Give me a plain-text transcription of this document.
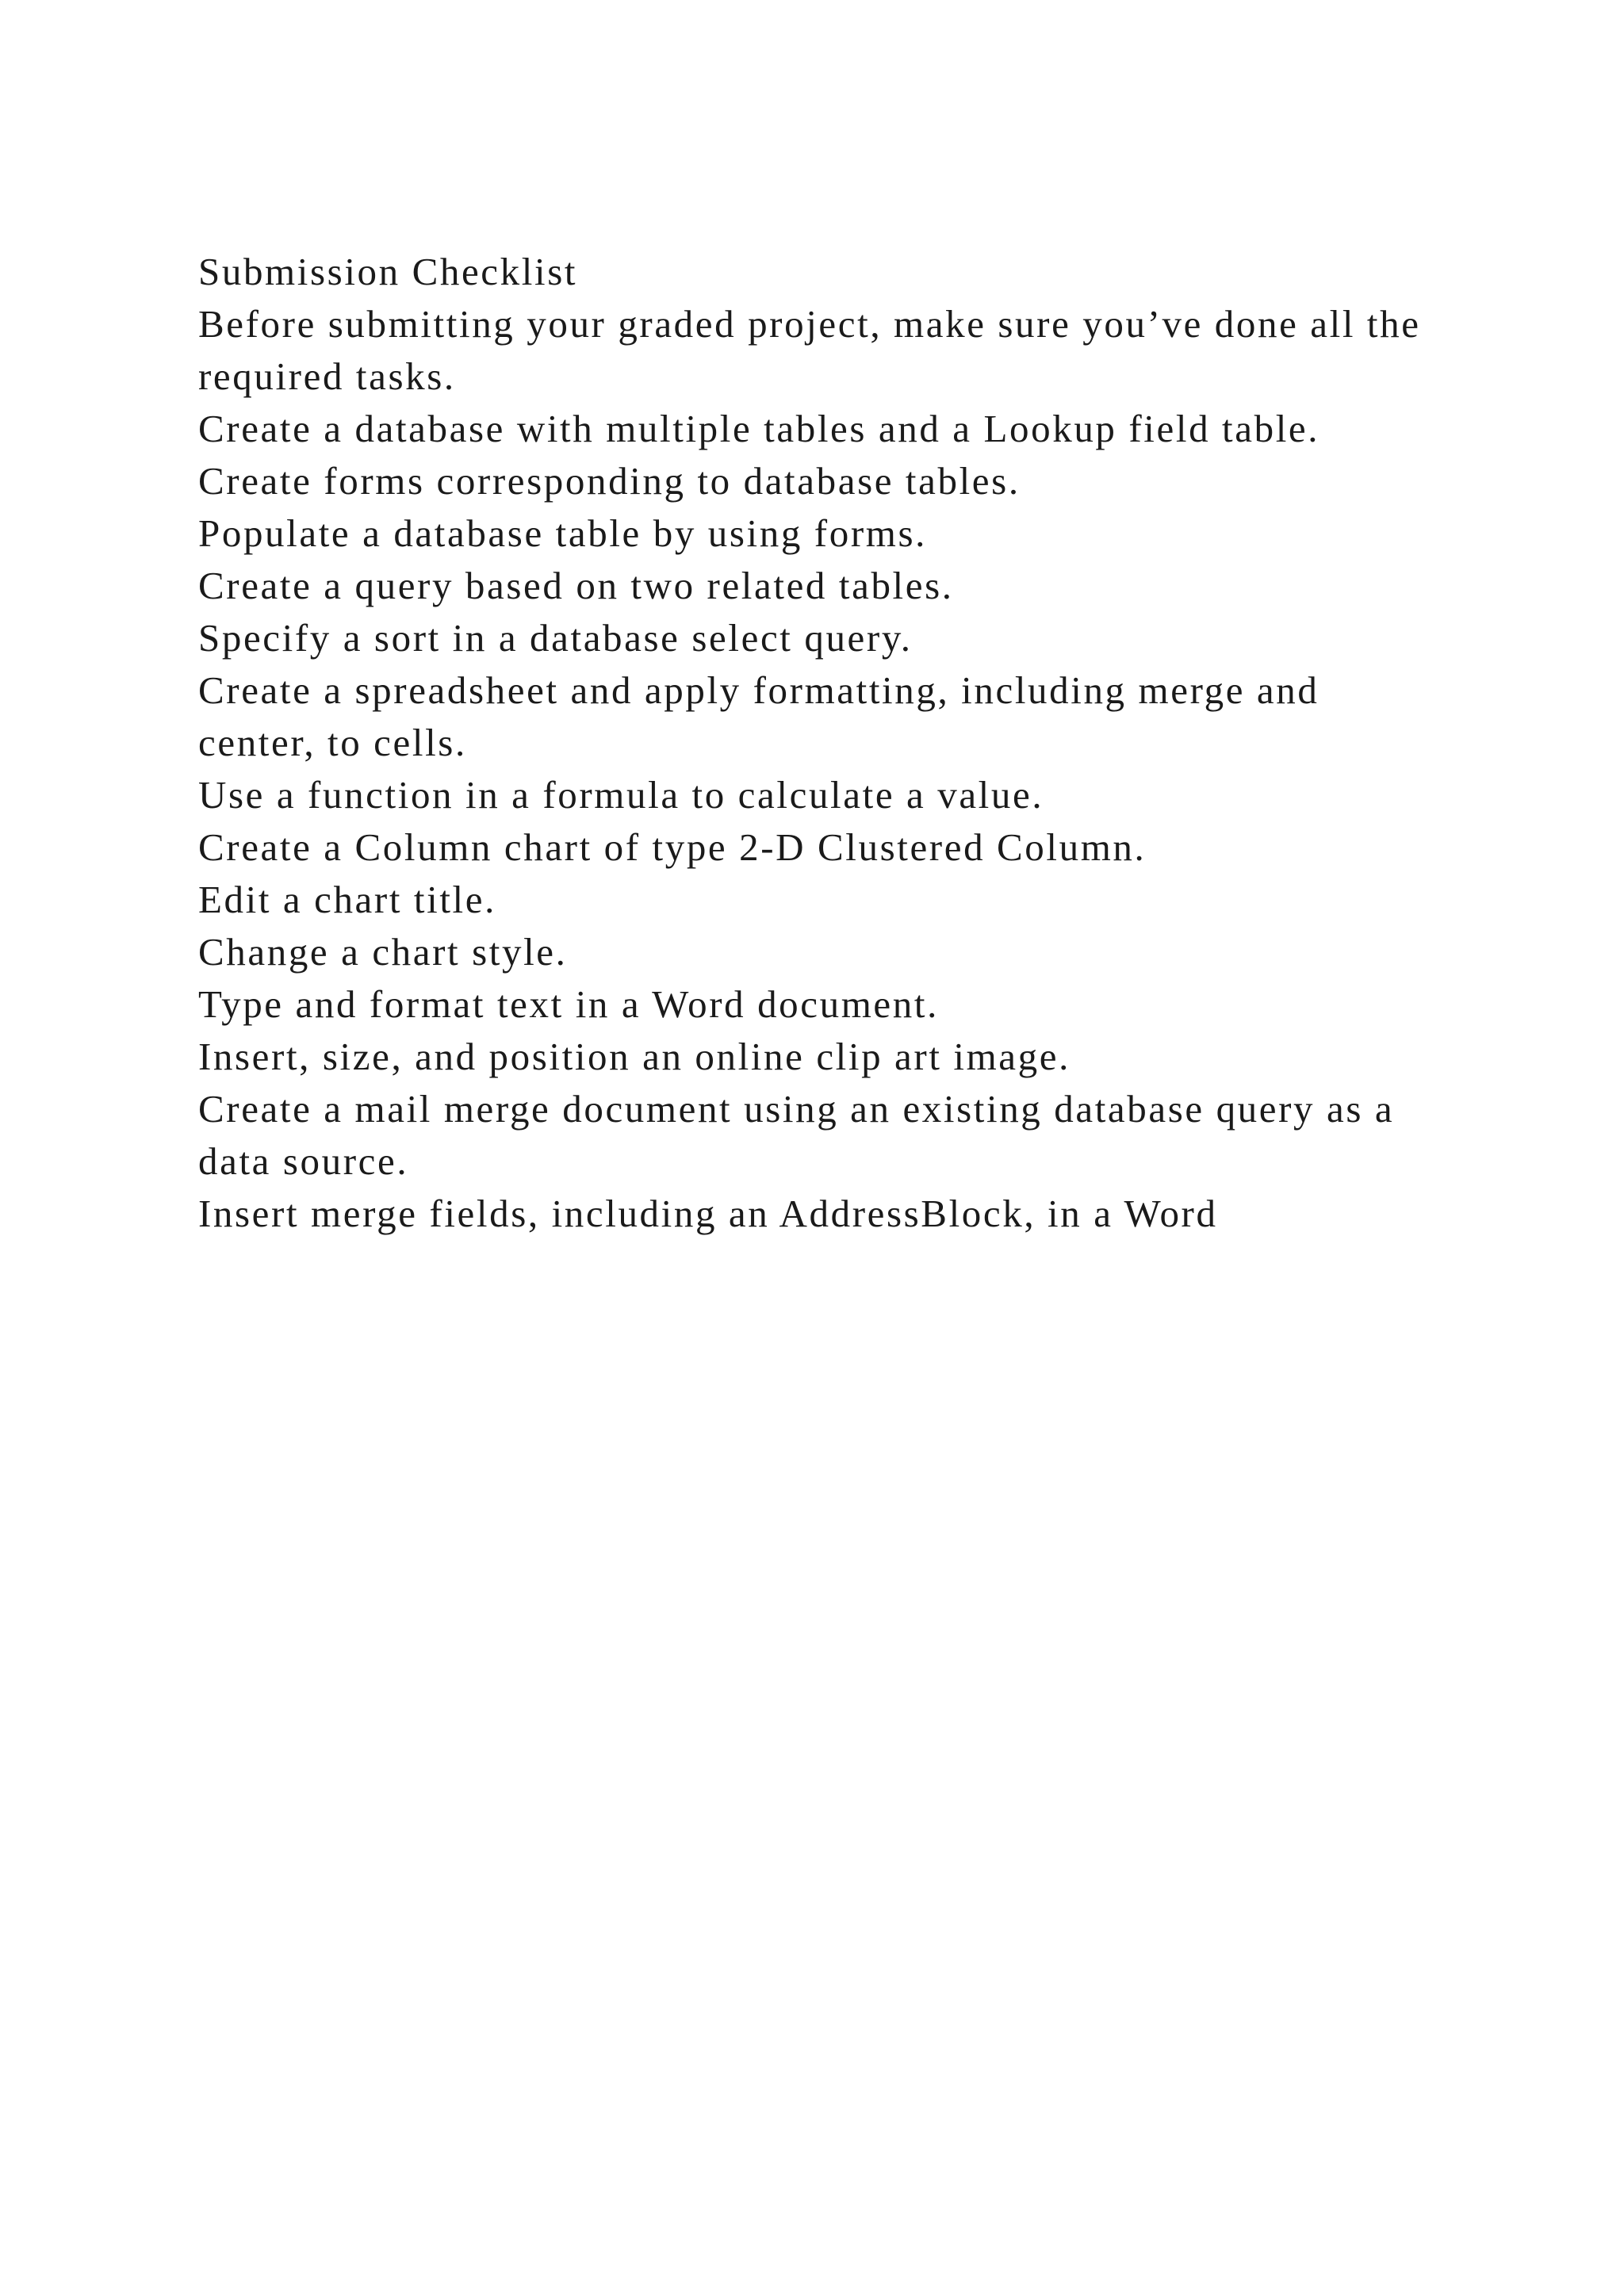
Submission Checklist

Before submitting your graded project, make sure you’ve done all the required tasks.

Create a database with multiple tables and a Lookup field table.

Create forms corresponding to database tables.

Populate a database table by using forms.

Create a query based on two related tables.

Specify a sort in a database select query.

Create a spreadsheet and apply formatting, including merge and center, to cells.

Use a function in a formula to calculate a value.

Create a Column chart of type 2-D Clustered Column.

Edit a chart title.

Change a chart style.

Type and format text in a Word document.

Insert, size, and position an online clip art image.

Create a mail merge document using an existing database query as a data source.

Insert merge fields, including an AddressBlock, in a Word
